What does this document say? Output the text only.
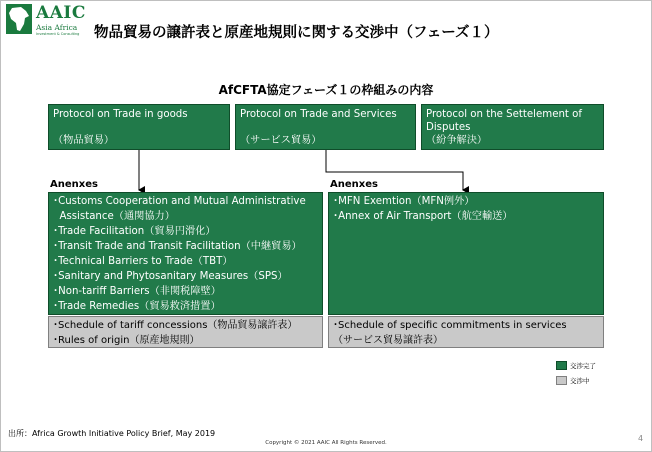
AAIC
Asia Africa
Investment & Consulting 物品貿易の譲許表と原産地規則に関する交渉中（フェーズ１）
AfCFTA協定フェーズ１の枠組みの内容
Protocol on Trade in goods
（物品貿易）
Protocol on Trade and Services
（サービス貿易）
Protocol on the Settelement of
Disputes
（紛争解決）
Anenxes	Anenxes
･Customs Cooperation and Mutual Administrative
Assistance（通関協力）
･Trade Facilitation（貿易円滑化）
･Transit Trade and Transit Facilitation（中継貿易）
･Technical Barriers to Trade（TBT）
･Sanitary and Phytosanitary Measures（SPS）
･Non-tariff Barriers（非関税障壁）
･Trade Remedies（貿易救済措置）
･Schedule of tariff concessions（物品貿易譲許表）
･Rules of origin（原産地規則）
･MFN Exemtion（MFN例外）
･Annex of Air Transport（航空輸送）
･Schedule of specific commitments in services
（サービス貿易譲許表）
交渉完了
交渉中
出所：Africa Growth Initiative Policy Brief, May 2019
Copyright © 2021 AAIC All Rights Reserved.	4
